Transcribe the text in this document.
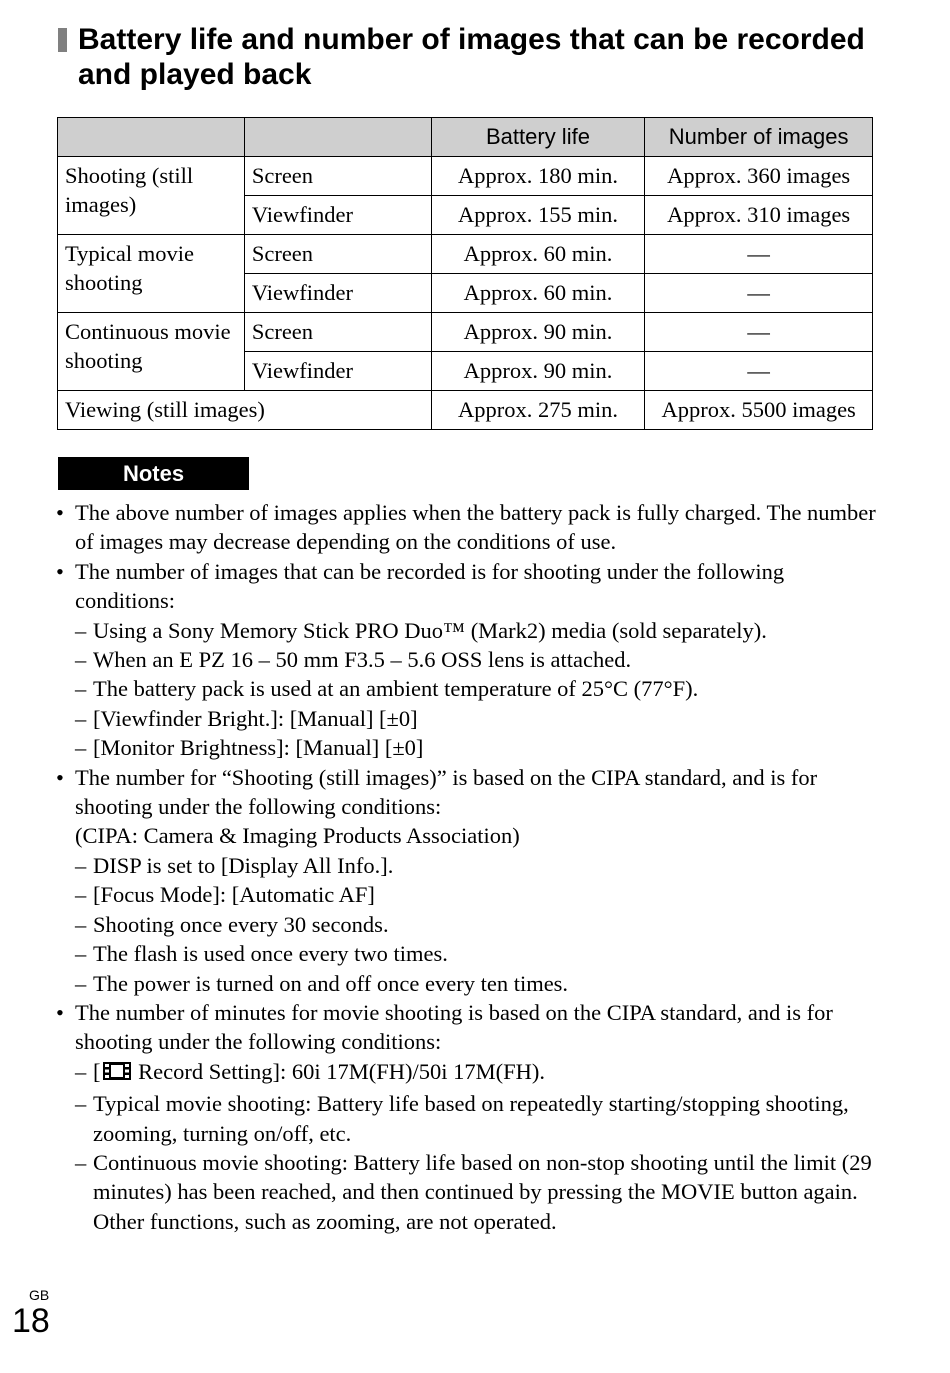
Battery life and number of images that can be recorded and played back
		Battery life	Number of images
Shooting (still images)	Screen	Approx. 180 min.	Approx. 360 images
	Viewfinder	Approx. 155 min.	Approx. 310 images
Typical movie shooting	Screen	Approx. 60 min.	—
	Viewfinder	Approx. 60 min.	—
Continuous movie shooting	Screen	Approx. 90 min.	—
	Viewfinder	Approx. 90 min.	—
Viewing (still images)		Approx. 275 min.	Approx. 5500 images
Notes
• The above number of images applies when the battery pack is fully charged. The number of images may decrease depending on the conditions of use.
• The number of images that can be recorded is for shooting under the following conditions:
– Using a Sony Memory Stick PRO Duo™ (Mark2) media (sold separately).
– When an E PZ 16 – 50 mm F3.5 – 5.6 OSS lens is attached.
– The battery pack is used at an ambient temperature of 25°C (77°F).
– [Viewfinder Bright.]: [Manual] [±0]
– [Monitor Brightness]: [Manual] [±0]
• The number for “Shooting (still images)” is based on the CIPA standard, and is for shooting under the following conditions:
(CIPA: Camera & Imaging Products Association)
– DISP is set to [Display All Info.].
– [Focus Mode]: [Automatic AF]
– Shooting once every 30 seconds.
– The flash is used once every two times.
– The power is turned on and off once every ten times.
• The number of minutes for movie shooting is based on the CIPA standard, and is for shooting under the following conditions:
– [ Record Setting]: 60i 17M(FH)/50i 17M(FH).
– Typical movie shooting: Battery life based on repeatedly starting/stopping shooting, zooming, turning on/off, etc.
– Continuous movie shooting: Battery life based on non-stop shooting until the limit (29 minutes) has been reached, and then continued by pressing the MOVIE button again. Other functions, such as zooming, are not operated.
GB
18
